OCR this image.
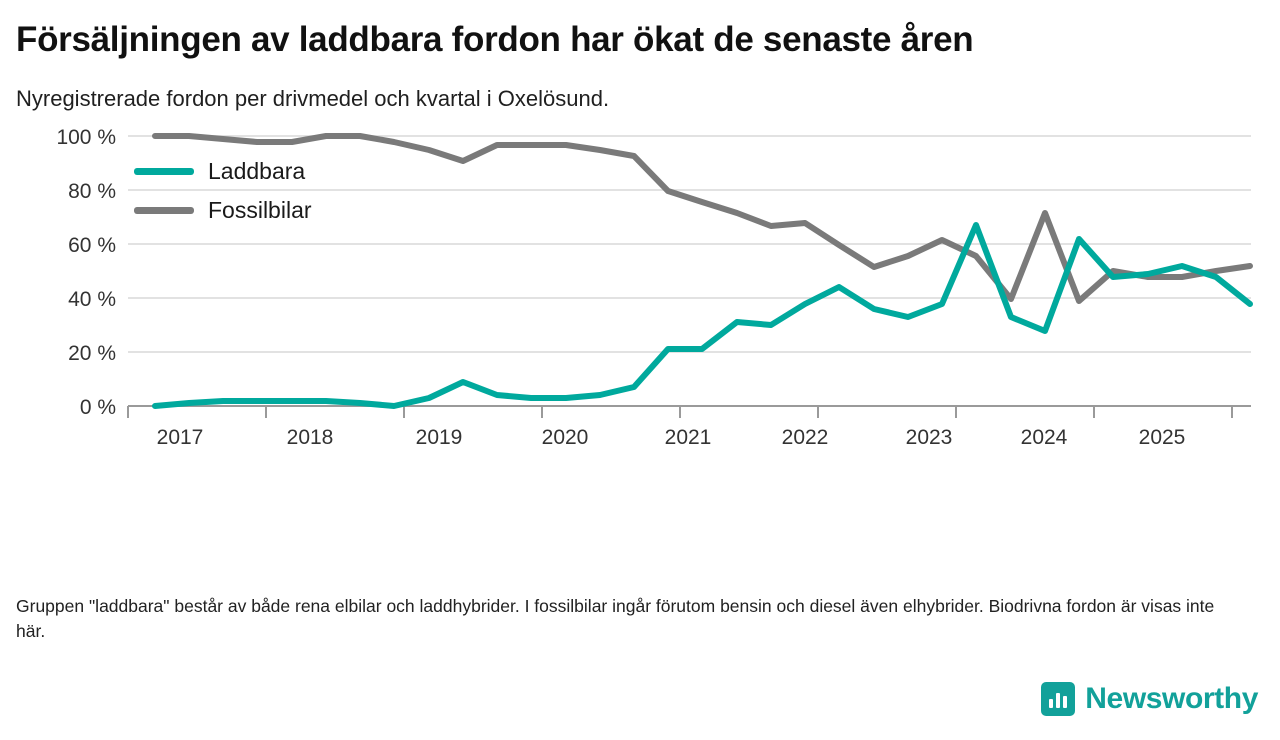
Försäljningen av laddbara fordon har ökat de senaste åren
Nyregistrerade fordon per drivmedel och kvartal i Oxelösund.
100 %
80 %
60 %
40 %
20 %
0 %
2017	2018	2019	2020	2021	2022	2023	2024	2025
Laddbara
Fossilbilar

Gruppen "laddbara" består av både rena elbilar och laddhybrider. I fossilbilar ingår förutom bensin och diesel även elhybrider. Biodrivna fordon är visas inte här.

Newsworthy
